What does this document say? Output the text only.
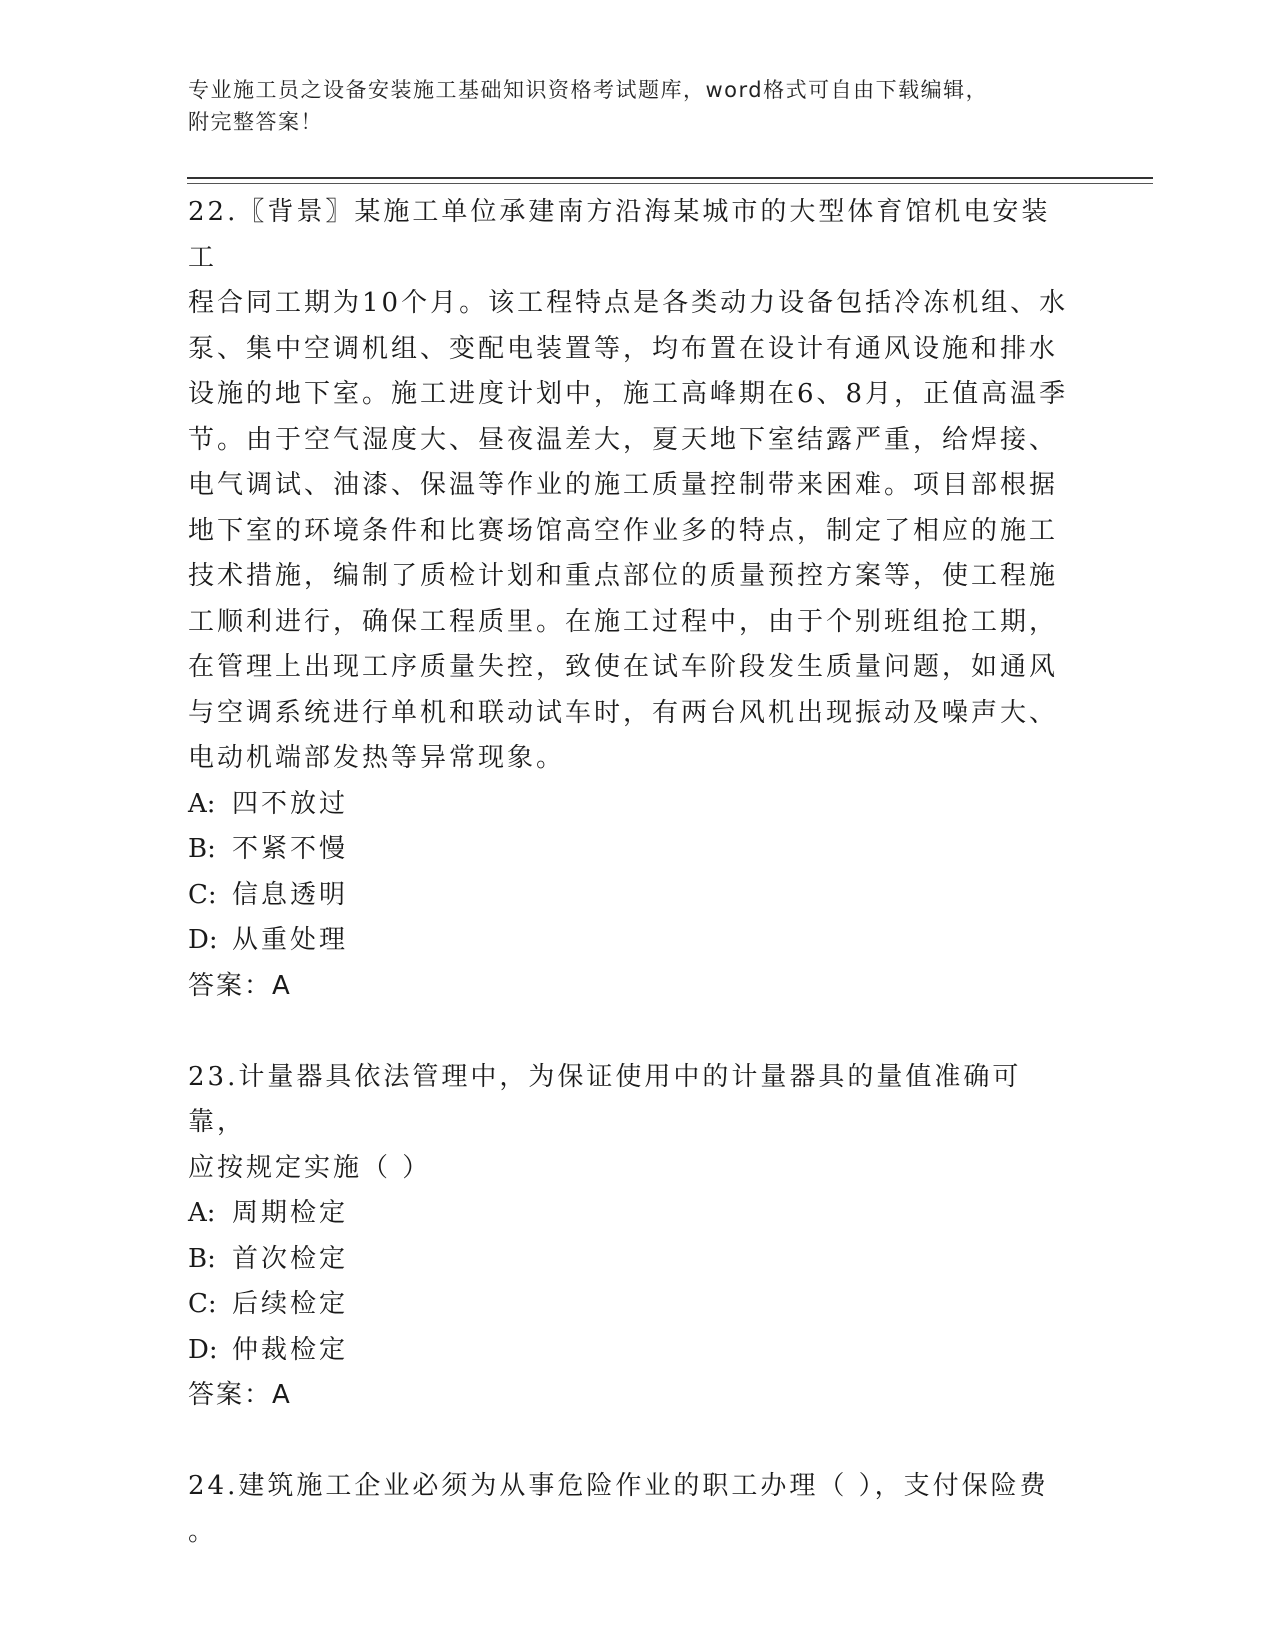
专业施工员之设备安装施工基础知识资格考试题库，word格式可自由下载编辑，
附完整答案！
22.〖背景〗某施工单位承建南方沿海某城市的大型体育馆机电安装工
程合同工期为10个月。该工程特点是各类动力设备包括冷冻机组、水
泵、集中空调机组、变配电装置等，均布置在设计有通风设施和排水
设施的地下室。施工进度计划中，施工高峰期在6、8月，正值高温季
节。由于空气湿度大、昼夜温差大，夏天地下室结露严重，给焊接、
电气调试、油漆、保温等作业的施工质量控制带来困难。项目部根据
地下室的环境条件和比赛场馆高空作业多的特点，制定了相应的施工
技术措施，编制了质检计划和重点部位的质量预控方案等，使工程施
工顺利进行，确保工程质里。在施工过程中，由于个别班组抢工期，
在管理上出现工序质量失控，致使在试车阶段发生质量问题，如通风
与空调系统进行单机和联动试车时，有两台风机出现振动及噪声大、
电动机端部发热等异常现象。
A: 四不放过
B: 不紧不慢
C: 信息透明
D: 从重处理
答案：A
23.计量器具依法管理中，为保证使用中的计量器具的量值准确可靠，
应按规定实施（ ）
A: 周期检定
B: 首次检定
C: 后续检定
D: 仲裁检定
答案：A
24.建筑施工企业必须为从事危险作业的职工办理（ ），支付保险费
。
